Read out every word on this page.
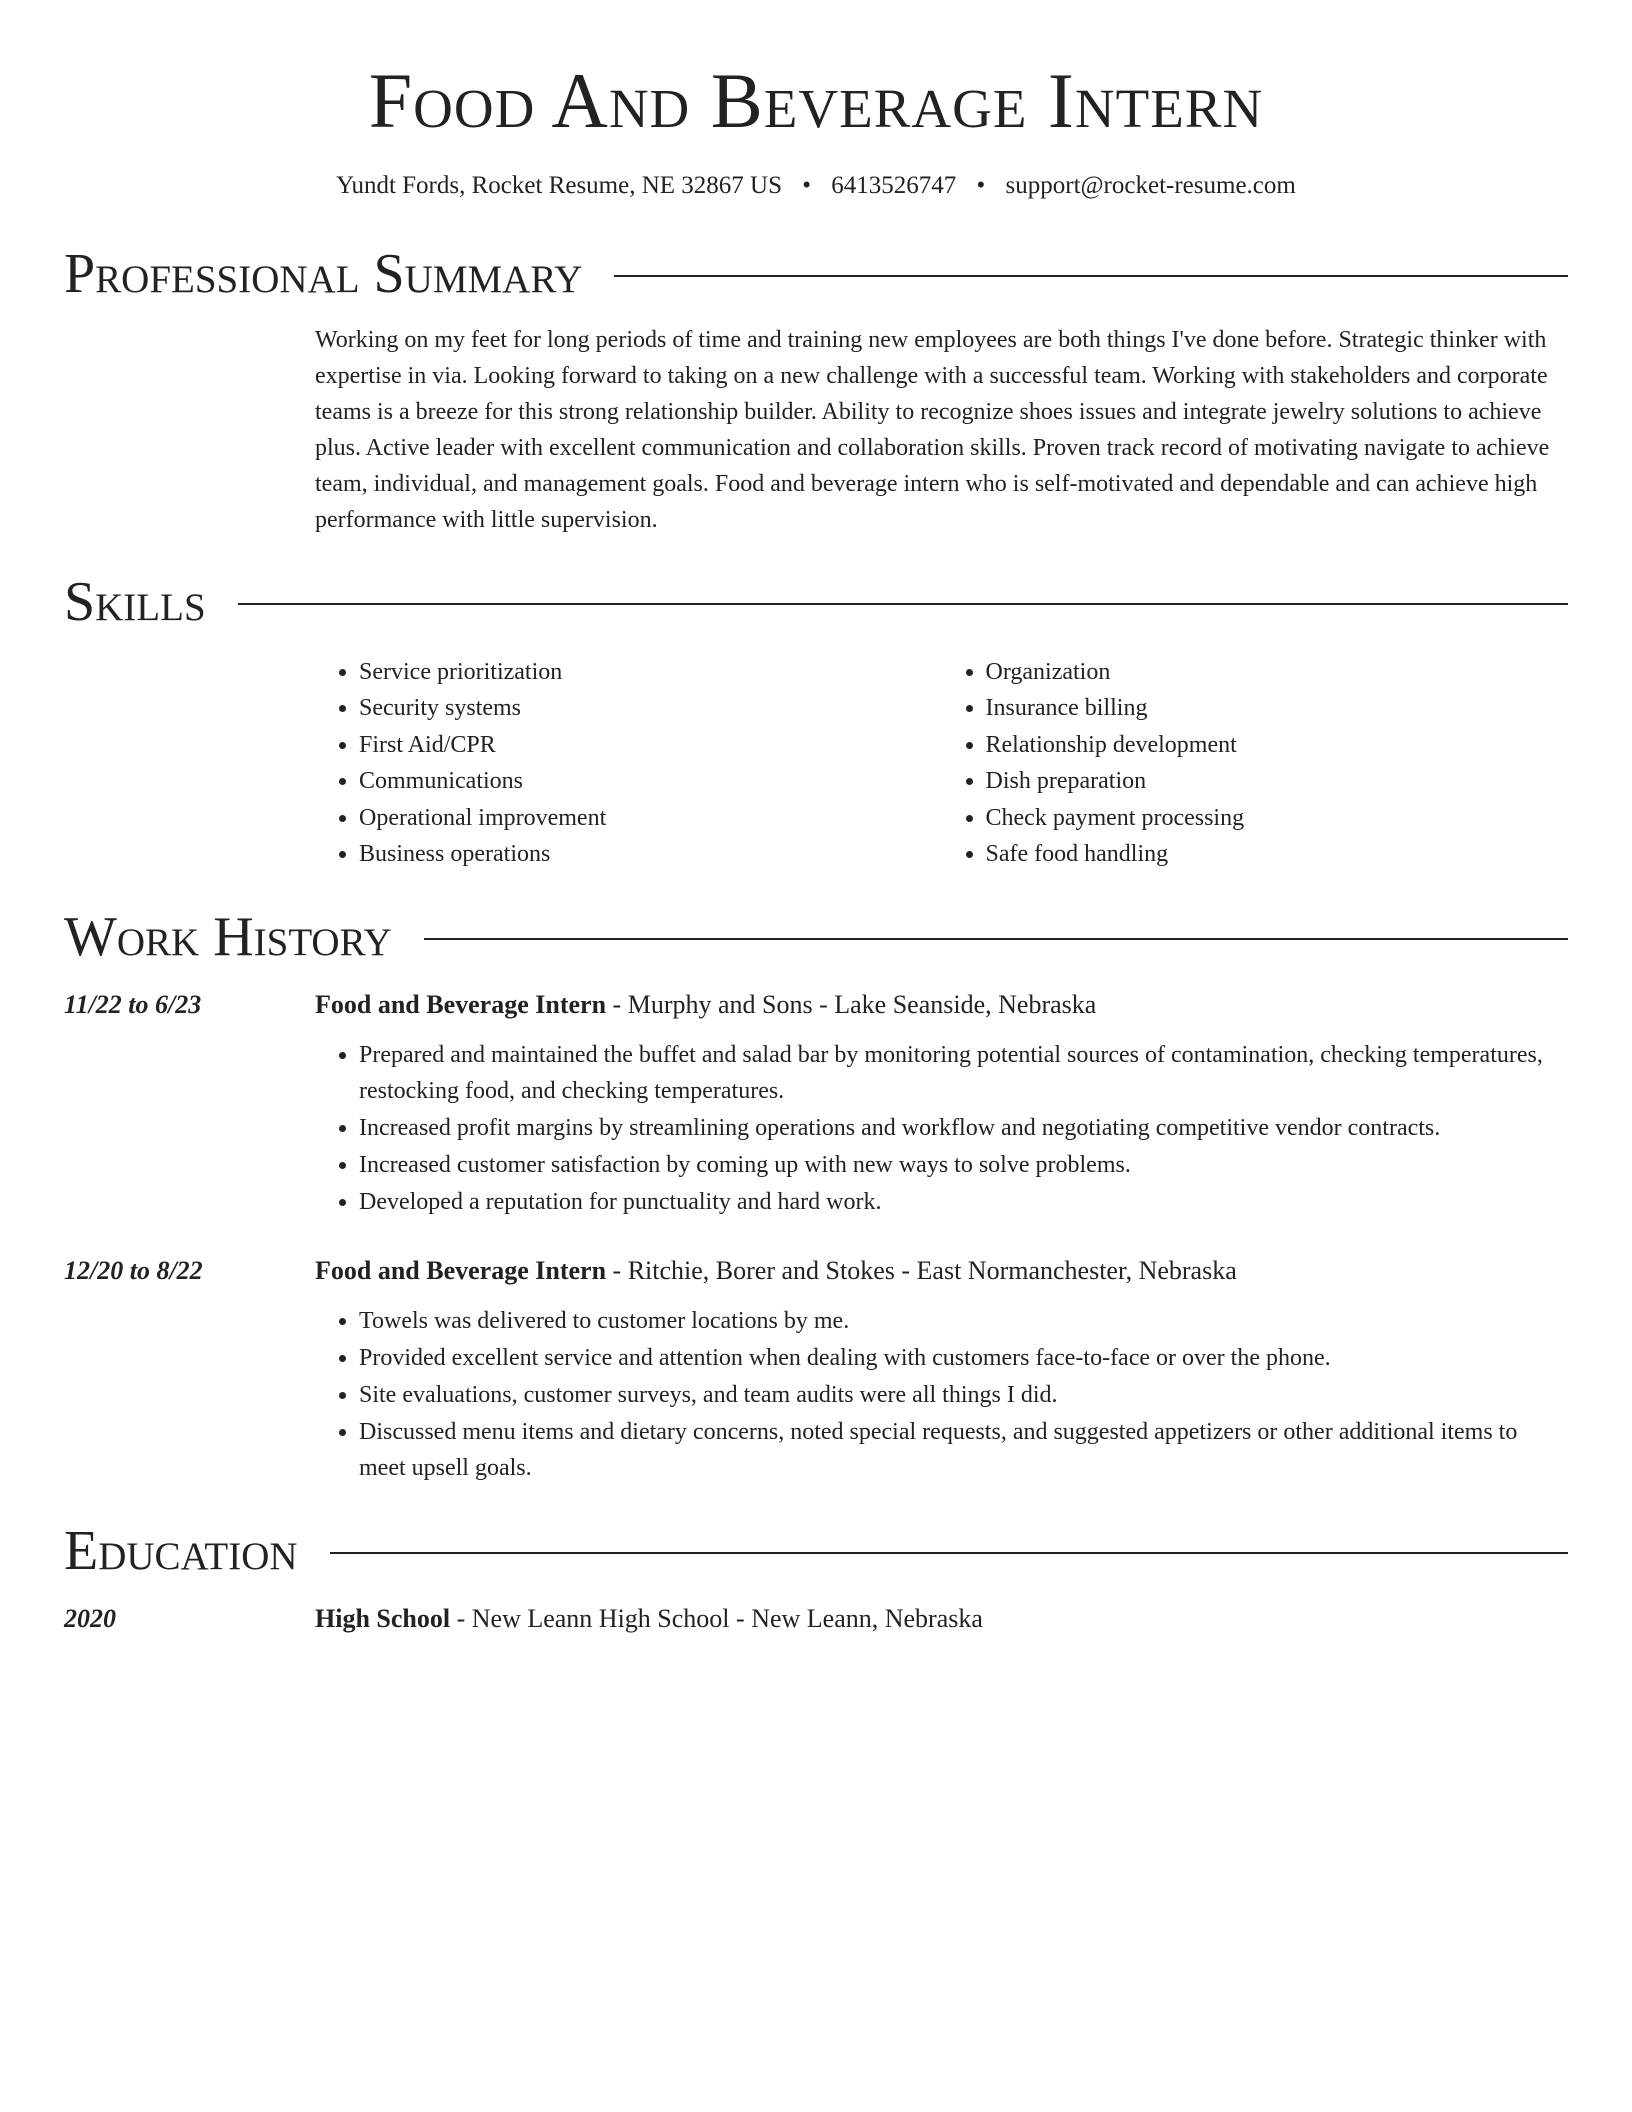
Food And Beverage Intern
Yundt Fords, Rocket Resume, NE 32867 US • 6413526747 • support@rocket-resume.com
Professional Summary

Working on my feet for long periods of time and training new employees are both things I've done before. Strategic thinker with expertise in via. Looking forward to taking on a new challenge with a successful team. Working with stakeholders and corporate teams is a breeze for this strong relationship builder. Ability to recognize shoes issues and integrate jewelry solutions to achieve plus. Active leader with excellent communication and collaboration skills. Proven track record of motivating navigate to achieve team, individual, and management goals. Food and beverage intern who is self-motivated and dependable and can achieve high performance with little supervision.

Skills
• Service prioritization
• Security systems
• First Aid/CPR
• Communications
• Operational improvement
• Business operations
• Organization
• Insurance billing
• Relationship development
• Dish preparation
• Check payment processing
• Safe food handling
Work History
11/22 to 6/23	Food and Beverage Intern - Murphy and Sons - Lake Seanside, Nebraska
• Prepared and maintained the buffet and salad bar by monitoring potential sources of contamination, checking temperatures, restocking food, and checking temperatures.
• Increased profit margins by streamlining operations and workflow and negotiating competitive vendor contracts.
• Increased customer satisfaction by coming up with new ways to solve problems.
• Developed a reputation for punctuality and hard work.
12/20 to 8/22	Food and Beverage Intern - Ritchie, Borer and Stokes - East Normanchester, Nebraska
• Towels was delivered to customer locations by me.
• Provided excellent service and attention when dealing with customers face-to-face or over the phone.
• Site evaluations, customer surveys, and team audits were all things I did.
• Discussed menu items and dietary concerns, noted special requests, and suggested appetizers or other additional items to meet upsell goals.
Education
2020	High School - New Leann High School - New Leann, Nebraska
